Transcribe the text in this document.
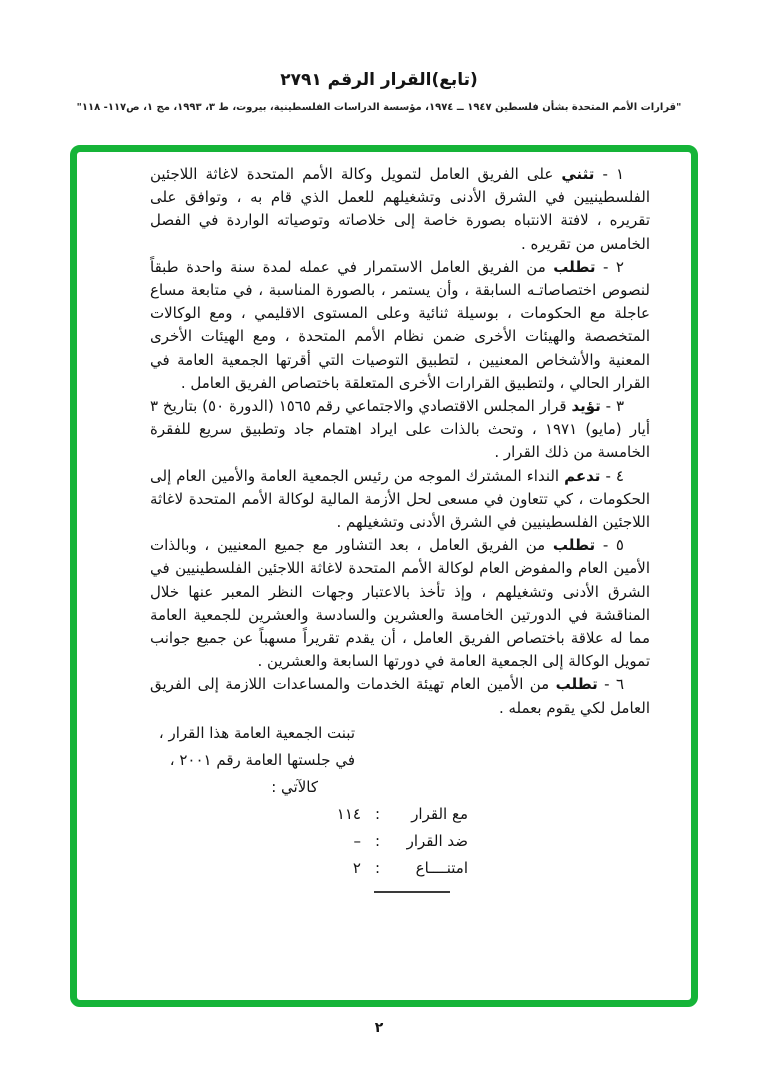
(تابع)القرار الرقم ٢٧٩١
"قرارات الأمم المتحدة بشأن فلسطين ١٩٤٧ ــ ١٩٧٤، مؤسسة الدراسات الفلسطينية، بيروت، ط ٣، ١٩٩٣، مج ١، ص١١٧- ١١٨"

١ - تثني على الفريق العامل لتمويل وكالة الأمم المتحدة لاغاثة اللاجئين الفلسطينيين في الشرق الأدنى وتشغيلهم للعمل الذي قام به ، وتوافق على تقريره ، لافتة الانتباه بصورة خاصة إلى خلاصاته وتوصياته الواردة في الفصل الخامس من تقريره .

٢ - تطلب من الفريق العامل الاستمرار في عمله لمدة سنة واحدة طبقاً لنصوص اختصاصاتـه السابقة ، وأن يستمر ، بالصورة المناسبة ، في متابعة مساع عاجلة مع الحكومات ، بوسيلة ثنائية وعلى المستوى الاقليمي ، ومع الوكالات المتخصصة والهيئات الأخرى ضمن نظام الأمم المتحدة ، ومع الهيئات الأخرى المعنية والأشخاص المعنيين ، لتطبيق التوصيات التي أقرتها الجمعية العامة في القرار الحالي ، ولتطبيق القرارات الأخرى المتعلقة باختصاص الفريق العامل .

٣ - تؤيد قرار المجلس الاقتصادي والاجتماعي رقم ١٥٦٥ (الدورة ٥٠) بتاريخ ٣ أيار (مايو) ١٩٧١ ، وتحث بالذات على ايراد اهتمام جاد وتطبيق سريع للفقرة الخامسة من ذلك القرار .

٤ - تدعم النداء المشترك الموجه من رئيس الجمعية العامة والأمين العام إلى الحكومات ، كي تتعاون في مسعى لحل الأزمة المالية لوكالة الأمم المتحدة لاغاثة اللاجئين الفلسطينيين في الشرق الأدنى وتشغيلهم .

٥ - تطلب من الفريق العامل ، بعد التشاور مع جميع المعنيين ، وبالذات الأمين العام والمفوض العام لوكالة الأمم المتحدة لاغاثة اللاجئين الفلسطينيين في الشرق الأدنى وتشغيلهم ، وإذ تأخذ بالاعتبار وجهات النظر المعبر عنها خلال المناقشة في الدورتين الخامسة والعشرين والسادسة والعشرين للجمعية العامة مما له علاقة باختصاص الفريق العامل ، أن يقدم تقريراً مسهباً عن جميع جوانب تمويل الوكالة إلى الجمعية العامة في دورتها السابعة والعشرين .

٦ - تطلب من الأمين العام تهيئة الخدمات والمساعدات اللازمة إلى الفريق العامل لكي يقوم بعمله .

تبنت الجمعية العامة هذا القرار ،
في جلستها العامة رقم ٢٠٠١ ،
كالآتي :
مع القرار
:
١١٤
ضد القرار
:
–
امتنــــاع
:
٢
٢
